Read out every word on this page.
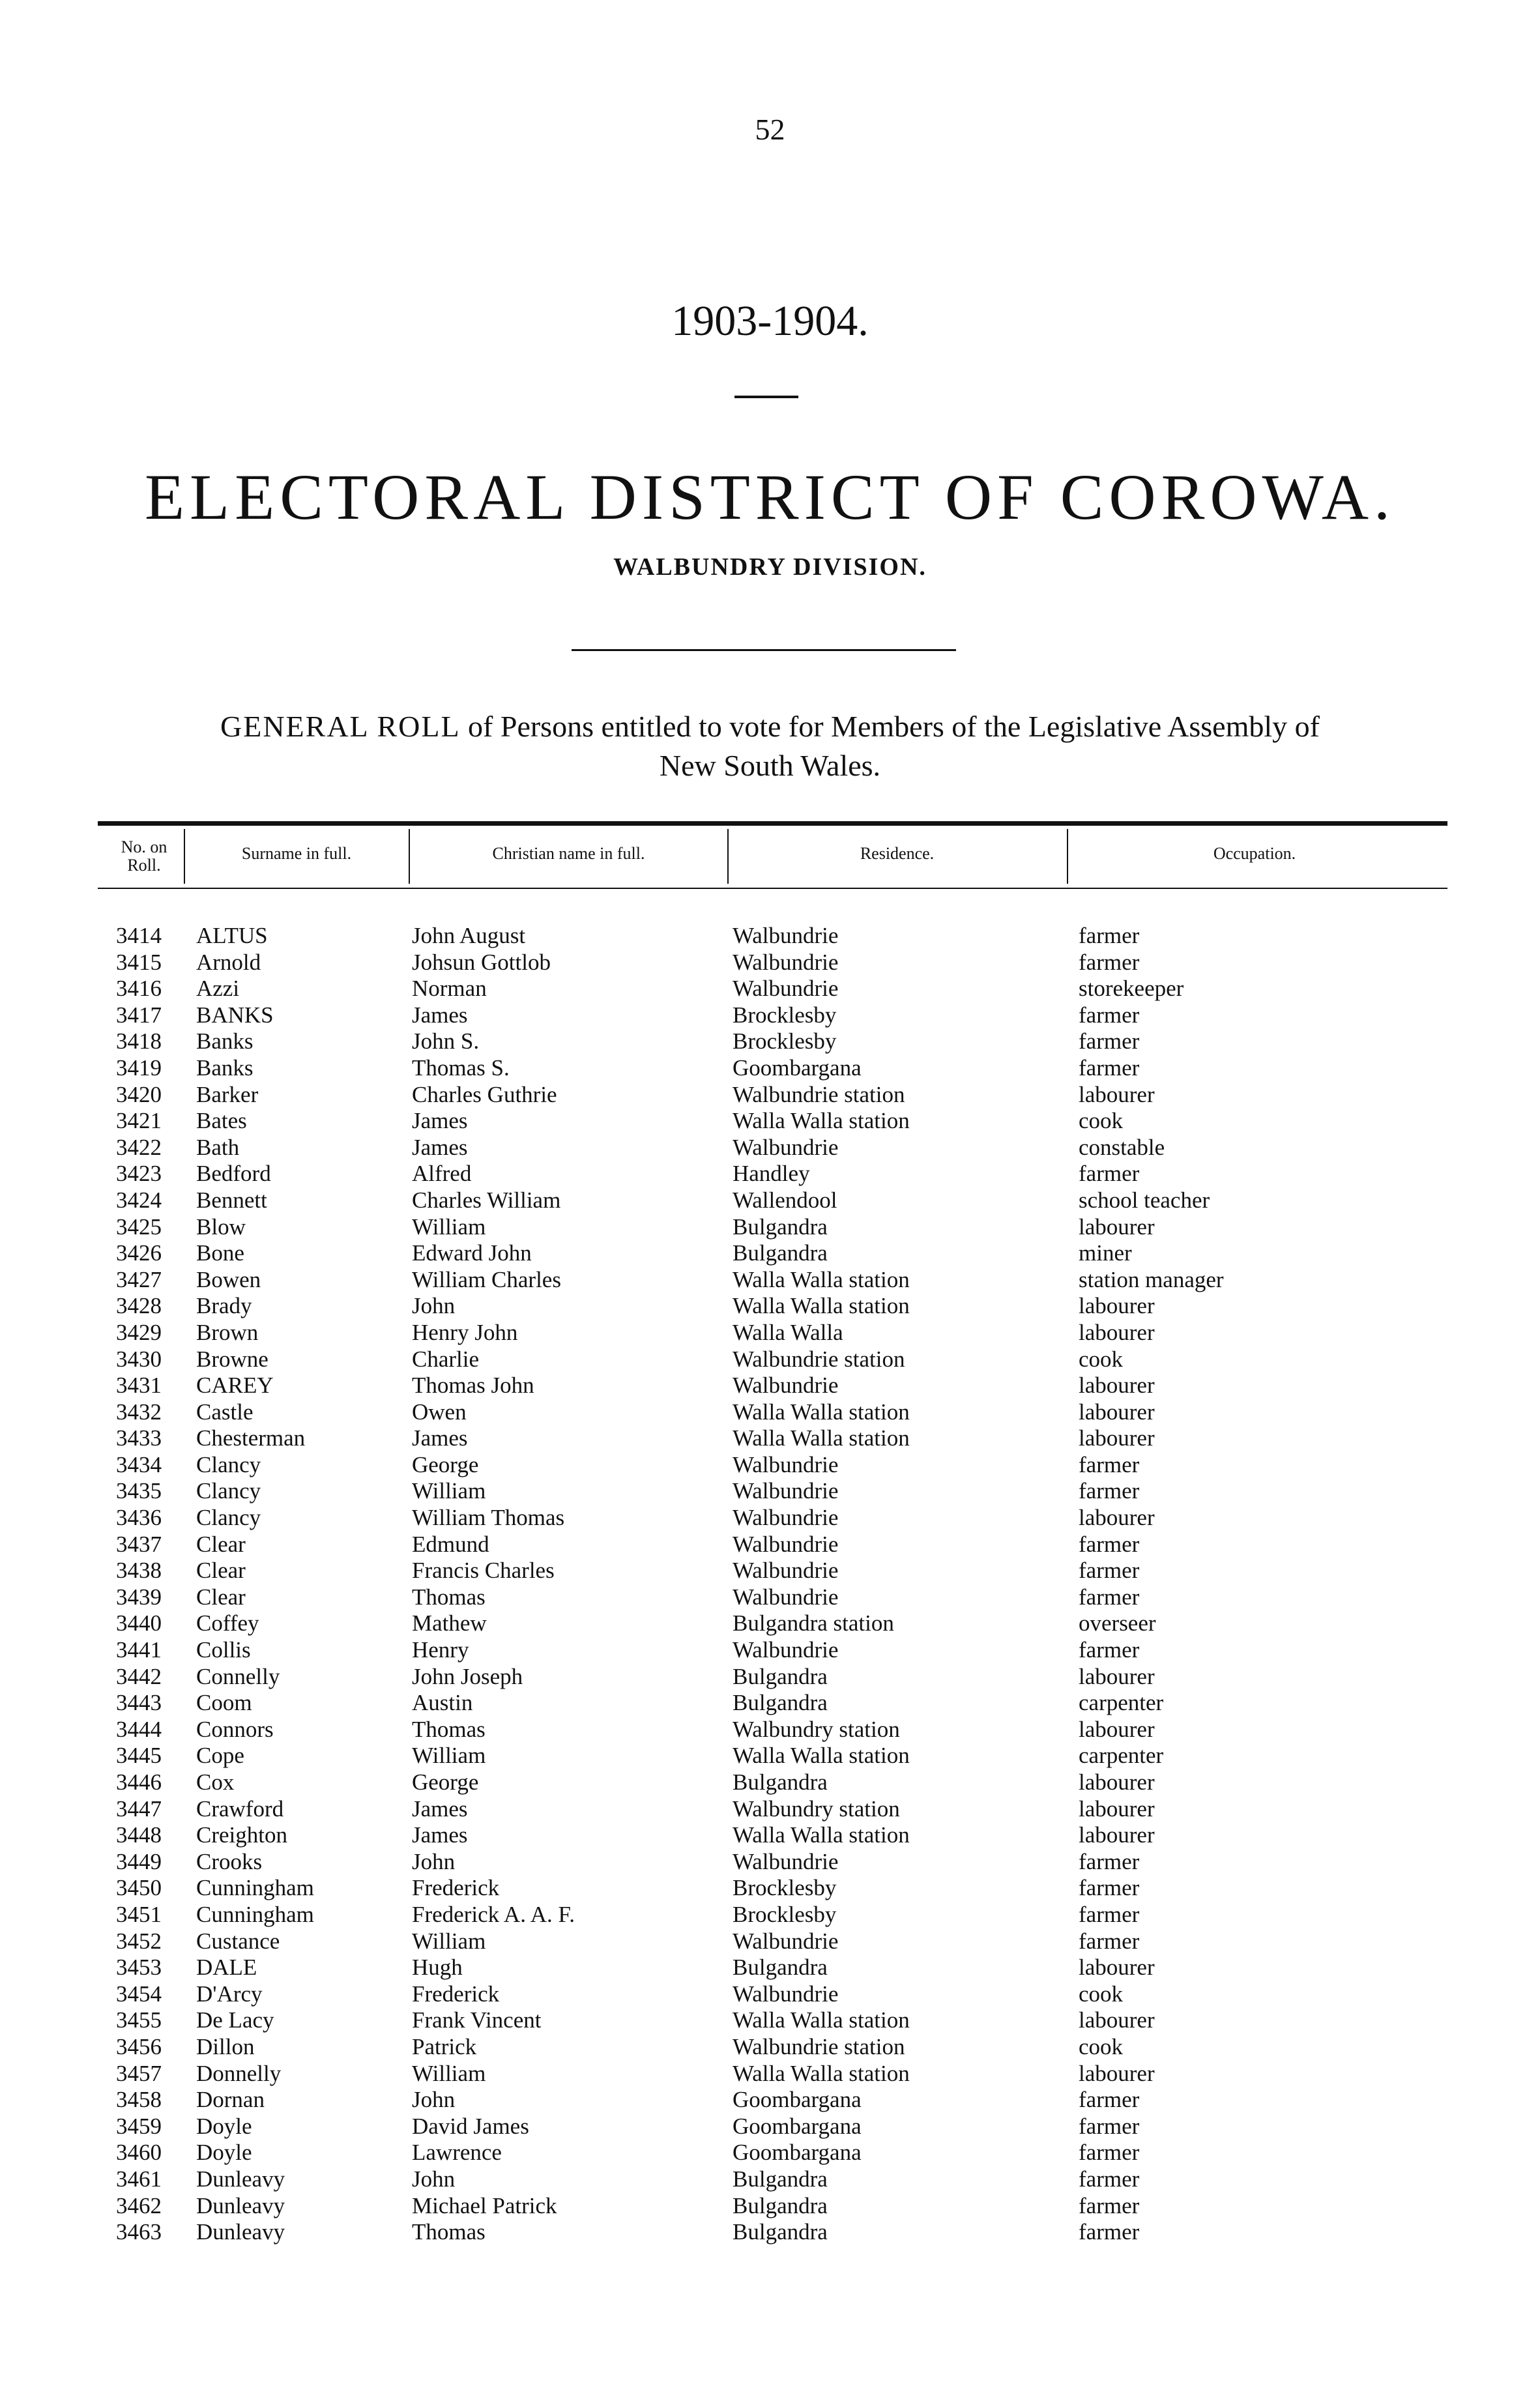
52
1903-1904.
ELECTORAL DISTRICT OF COROWA.
WALBUNDRY DIVISION.
GENERAL ROLL of Persons entitled to vote for Members of the Legislative Assembly of
New South Wales.
No. on Roll.
Surname in full.	Christian name in full.	Residence.	Occupation.
3414 ALTUS	John August	Walbundrie	farmer
3415 Arnold	Johsun Gottlob	Walbundrie	farmer
3416 Azzi	Norman	Walbundrie	storekeeper
3417 BANKS	James	Brocklesby	farmer
3418 Banks	John S.	Brocklesby	farmer
3419 Banks	Thomas S.	Goombargana	farmer
3420 Barker	Charles Guthrie	Walbundrie station	labourer
3421 Bates	James	Walla Walla station	cook
3422 Bath	James	Walbundrie	constable
3423 Bedford	Alfred	Handley	farmer
3424 Bennett	Charles William	Wallendool	school teacher
3425 Blow	William	Bulgandra	labourer
3426 Bone	Edward John	Bulgandra	miner
3427 Bowen	William Charles	Walla Walla station	station manager
3428 Brady	John	Walla Walla station	labourer
3429 Brown	Henry John	Walla Walla	labourer
3430 Browne	Charlie	Walbundrie station	cook
3431 CAREY	Thomas John	Walbundrie	labourer
3432 Castle	Owen	Walla Walla station	labourer
3433 Chesterman	James	Walla Walla station	labourer
3434 Clancy	George	Walbundrie	farmer
3435 Clancy	William	Walbundrie	farmer
3436 Clancy	William Thomas	Walbundrie	labourer
3437 Clear	Edmund	Walbundrie	farmer
3438 Clear	Francis Charles	Walbundrie	farmer
3439 Clear	Thomas	Walbundrie	farmer
3440 Coffey	Mathew	Bulgandra station	overseer
3441 Collis	Henry	Walbundrie	farmer
3442 Connelly	John Joseph	Bulgandra	labourer
3443 Coom	Austin	Bulgandra	carpenter
3444 Connors	Thomas	Walbundry station	labourer
3445 Cope	William	Walla Walla station	carpenter
3446 Cox	George	Bulgandra	labourer
3447 Crawford	James	Walbundry station	labourer
3448 Creighton	James	Walla Walla station	labourer
3449 Crooks	John	Walbundrie	farmer
3450 Cunningham	Frederick	Brocklesby	farmer
3451 Cunningham	Frederick A. A. F.	Brocklesby	farmer
3452 Custance	William	Walbundrie	farmer
3453 DALE	Hugh	Bulgandra	labourer
3454 D'Arcy	Frederick	Walbundrie	cook
3455 De Lacy	Frank Vincent	Walla Walla station	labourer
3456 Dillon	Patrick	Walbundrie station	cook
3457 Donnelly	William	Walla Walla station	labourer
3458 Dornan	John	Goombargana	farmer
3459 Doyle	David James	Goombargana	farmer
3460 Doyle	Lawrence	Goombargana	farmer
3461 Dunleavy	John	Bulgandra	farmer
3462 Dunleavy	Michael Patrick	Bulgandra	farmer
3463 Dunleavy	Thomas	Bulgandra	farmer
